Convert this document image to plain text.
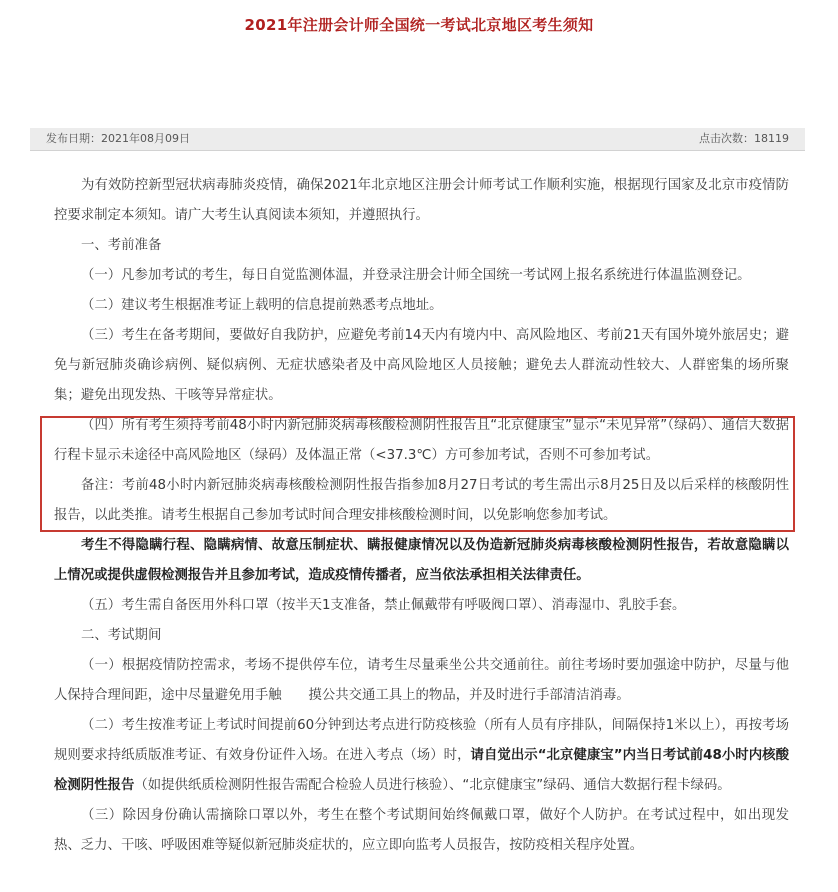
2021年注册会计师全国统一考试北京地区考生须知
发布日期：2021年08月09日	点击次数：18119

为有效防控新型冠状病毒肺炎疫情，确保2021年北京地区注册会计师考试工作顺利实施，根据现行国家及北京市疫情防控要求制定本须知。请广大考生认真阅读本须知，并遵照执行。

一、考前准备

（一）凡参加考试的考生，每日自觉监测体温，并登录注册会计师全国统一考试网上报名系统进行体温监测登记。

（二）建议考生根据准考证上载明的信息提前熟悉考点地址。

（三）考生在备考期间，要做好自我防护，应避免考前14天内有境内中、高风险地区、考前21天有国外境外旅居史；避免与新冠肺炎确诊病例、疑似病例、无症状感染者及中高风险地区人员接触；避免去人群流动性较大、人群密集的场所聚集；避免出现发热、干咳等异常症状。

（四）所有考生须持考前48小时内新冠肺炎病毒核酸检测阴性报告且“北京健康宝”显示“未见异常”（绿码）、通信大数据行程卡显示未途径中高风险地区（绿码）及体温正常（<37.3℃）方可参加考试，否则不可参加考试。

备注：考前48小时内新冠肺炎病毒核酸检测阴性报告指参加8月27日考试的考生需出示8月25日及以后采样的核酸阴性报告，以此类推。请考生根据自己参加考试时间合理安排核酸检测时间，以免影响您参加考试。

考生不得隐瞒行程、隐瞒病情、故意压制症状、瞒报健康情况以及伪造新冠肺炎病毒核酸检测阴性报告，若故意隐瞒以上情况或提供虚假检测报告并且参加考试，造成疫情传播者，应当依法承担相关法律责任。

（五）考生需自备医用外科口罩（按半天1支准备，禁止佩戴带有呼吸阀口罩）、消毒湿巾、乳胶手套。

二、考试期间

（一）根据疫情防控需求，考场不提供停车位，请考生尽量乘坐公共交通前往。前往考场时要加强途中防护，尽量与他人保持合理间距，途中尽量避免用手触　　摸公共交通工具上的物品，并及时进行手部清洁消毒。

（二）考生按准考证上考试时间提前60分钟到达考点进行防疫核验（所有人员有序排队，间隔保持1米以上），再按考场规则要求持纸质版准考证、有效身份证件入场。在进入考点（场）时，请自觉出示“北京健康宝”内当日考试前48小时内核酸检测阴性报告（如提供纸质检测阴性报告需配合检验人员进行核验）、“北京健康宝”绿码、通信大数据行程卡绿码。

（三）除因身份确认需摘除口罩以外，考生在整个考试期间始终佩戴口罩，做好个人防护。在考试过程中，如出现发热、乏力、干咳、呼吸困难等疑似新冠肺炎症状的，应立即向监考人员报告，按防疫相关程序处置。
